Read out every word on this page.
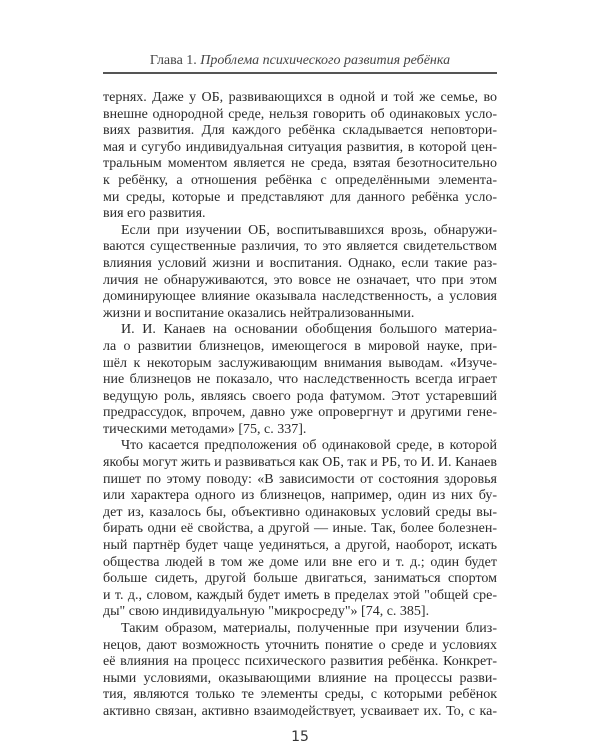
Глава 1. Проблема психического развития ребёнка
тернях. Даже у ОБ, развивающихся в одной и той же семье, во
внешне однородной среде, нельзя говорить об одинаковых усло-
виях развития. Для каждого ребёнка складывается неповтори-
мая и сугубо индивидуальная ситуация развития, в которой цен-
тральным моментом является не среда, взятая безотносительно
к ребёнку, а отношения ребёнка с определёнными элемента-
ми среды, которые и представляют для данного ребёнка усло-
вия его развития.
Если при изучении ОБ, воспитывавшихся врозь, обнаружи-
ваются существенные различия, то это является свидетельством
влияния условий жизни и воспитания. Однако, если такие раз-
личия не обнаруживаются, это вовсе не означает, что при этом
доминирующее влияние оказывала наследственность, а условия
жизни и воспитание оказались нейтрализованными.
И. И. Канаев на основании обобщения большого материа-
ла о развитии близнецов, имеющегося в мировой науке, при-
шёл к некоторым заслуживающим внимания выводам. «Изуче-
ние близнецов не показало, что наследственность всегда играет
ведущую роль, являясь своего рода фатумом. Этот устаревший
предрассудок, впрочем, давно уже опровергнут и другими гене-
тическими методами» [75, с. 337].
Что касается предположения об одинаковой среде, в которой
якобы могут жить и развиваться как ОБ, так и РБ, то И. И. Канаев
пишет по этому поводу: «В зависимости от состояния здоровья
или характера одного из близнецов, например, один из них бу-
дет из, казалось бы, объективно одинаковых условий среды вы-
бирать одни её свойства, а другой — иные. Так, более болезнен-
ный партнёр будет чаще уединяться, а другой, наоборот, искать
общества людей в том же доме или вне его и т. д.; один будет
больше сидеть, другой больше двигаться, заниматься спортом
и т. д., словом, каждый будет иметь в пределах этой "общей сре-
ды" свою индивидуальную "микросреду"» [74, с. 385].
Таким образом, материалы, полученные при изучении близ-
нецов, дают возможность уточнить понятие о среде и условиях
её влияния на процесс психического развития ребёнка. Конкрет-
ными условиями, оказывающими влияние на процессы разви-
тия, являются только те элементы среды, с которыми ребёнок
активно связан, активно взаимодействует, усваивает их. То, с ка-
15
